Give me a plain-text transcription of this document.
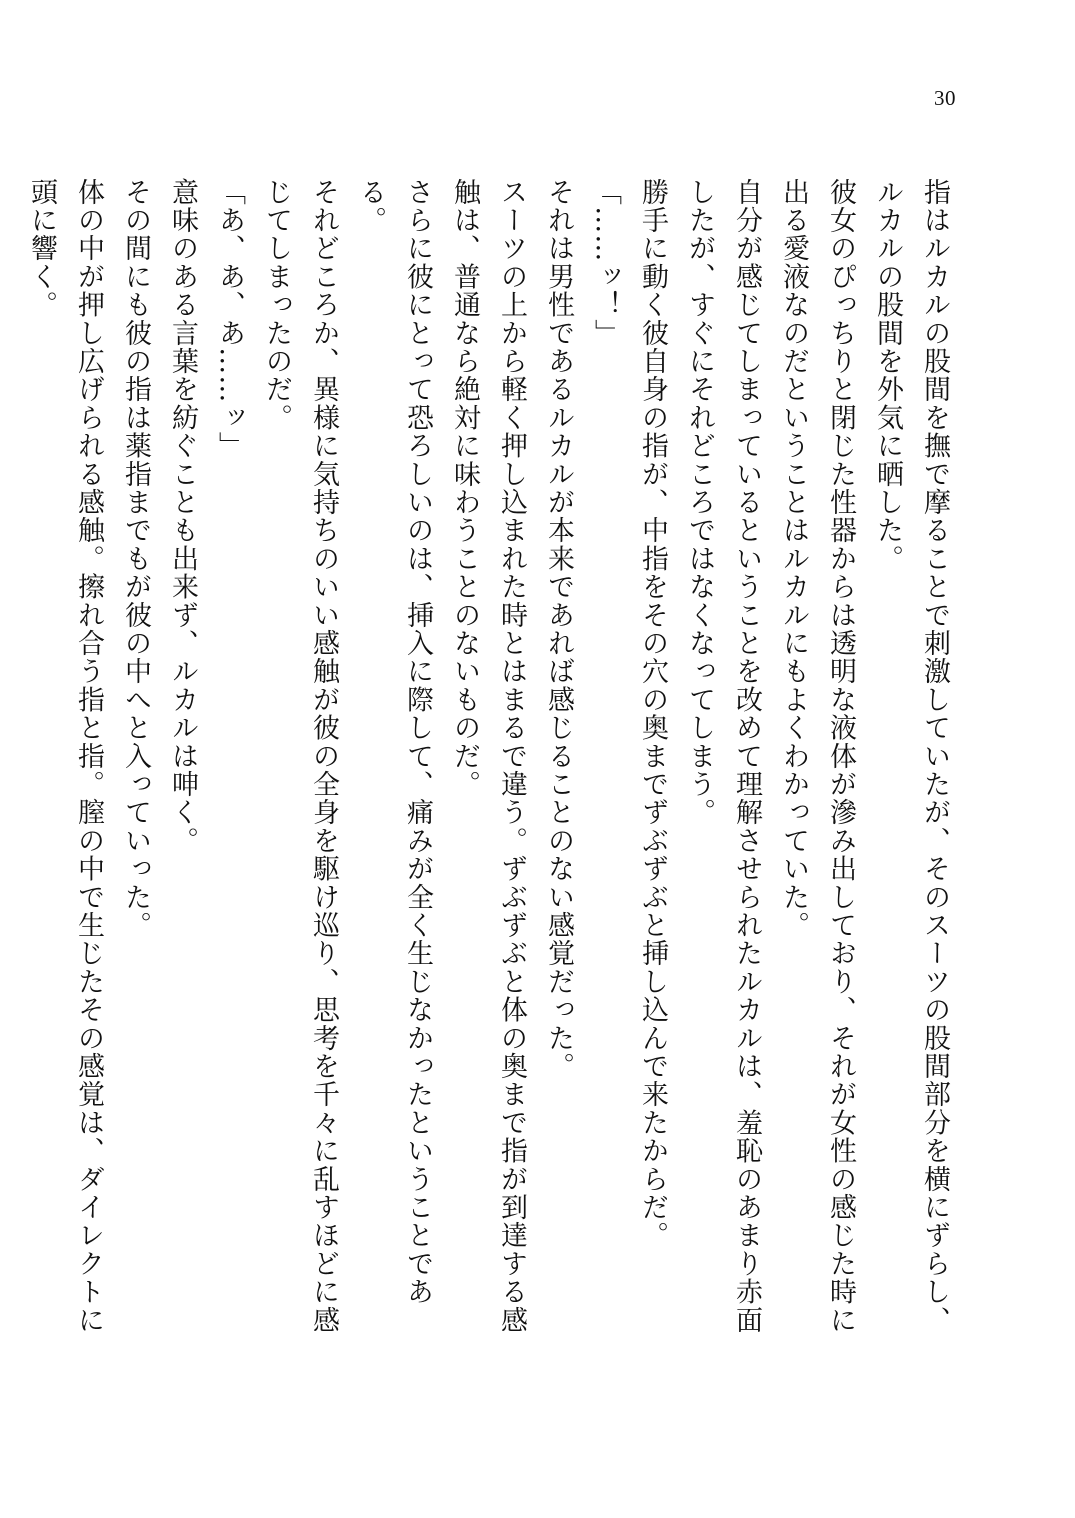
30

指はルカルの股間を撫で摩ることで刺激していたが、そのスーツの股間部分を横にずらし、ルカルの股間を外気に晒した。

彼女のぴっちりと閉じた性器からは透明な液体が滲み出しており、それが女性の感じた時に出る愛液なのだということはルカルにもよくわかっていた。

自分が感じてしまっているということを改めて理解させられたルカルは、羞恥のあまり赤面したが、すぐにそれどころではなくなってしまう。

勝手に動く彼自身の指が、中指をその穴の奥までずぶずぶと挿し込んで来たからだ。

「……ッ！」

それは男性であるルカルが本来であれば感じることのない感覚だった。

スーツの上から軽く押し込まれた時とはまるで違う。ずぶずぶと体の奥まで指が到達する感触は、普通なら絶対に味わうことのないものだ。

さらに彼にとって恐ろしいのは、挿入に際して、痛みが全く生じなかったということである。

それどころか、異様に気持ちのいい感触が彼の全身を駆け巡り、思考を千々に乱すほどに感じてしまったのだ。

「あ、あ、あ……ッ」

意味のある言葉を紡ぐことも出来ず、ルカルは呻く。

その間にも彼の指は薬指までもが彼の中へと入っていった。

体の中が押し広げられる感触。擦れ合う指と指。膣の中で生じたその感覚は、ダイレクトに頭に響く。
